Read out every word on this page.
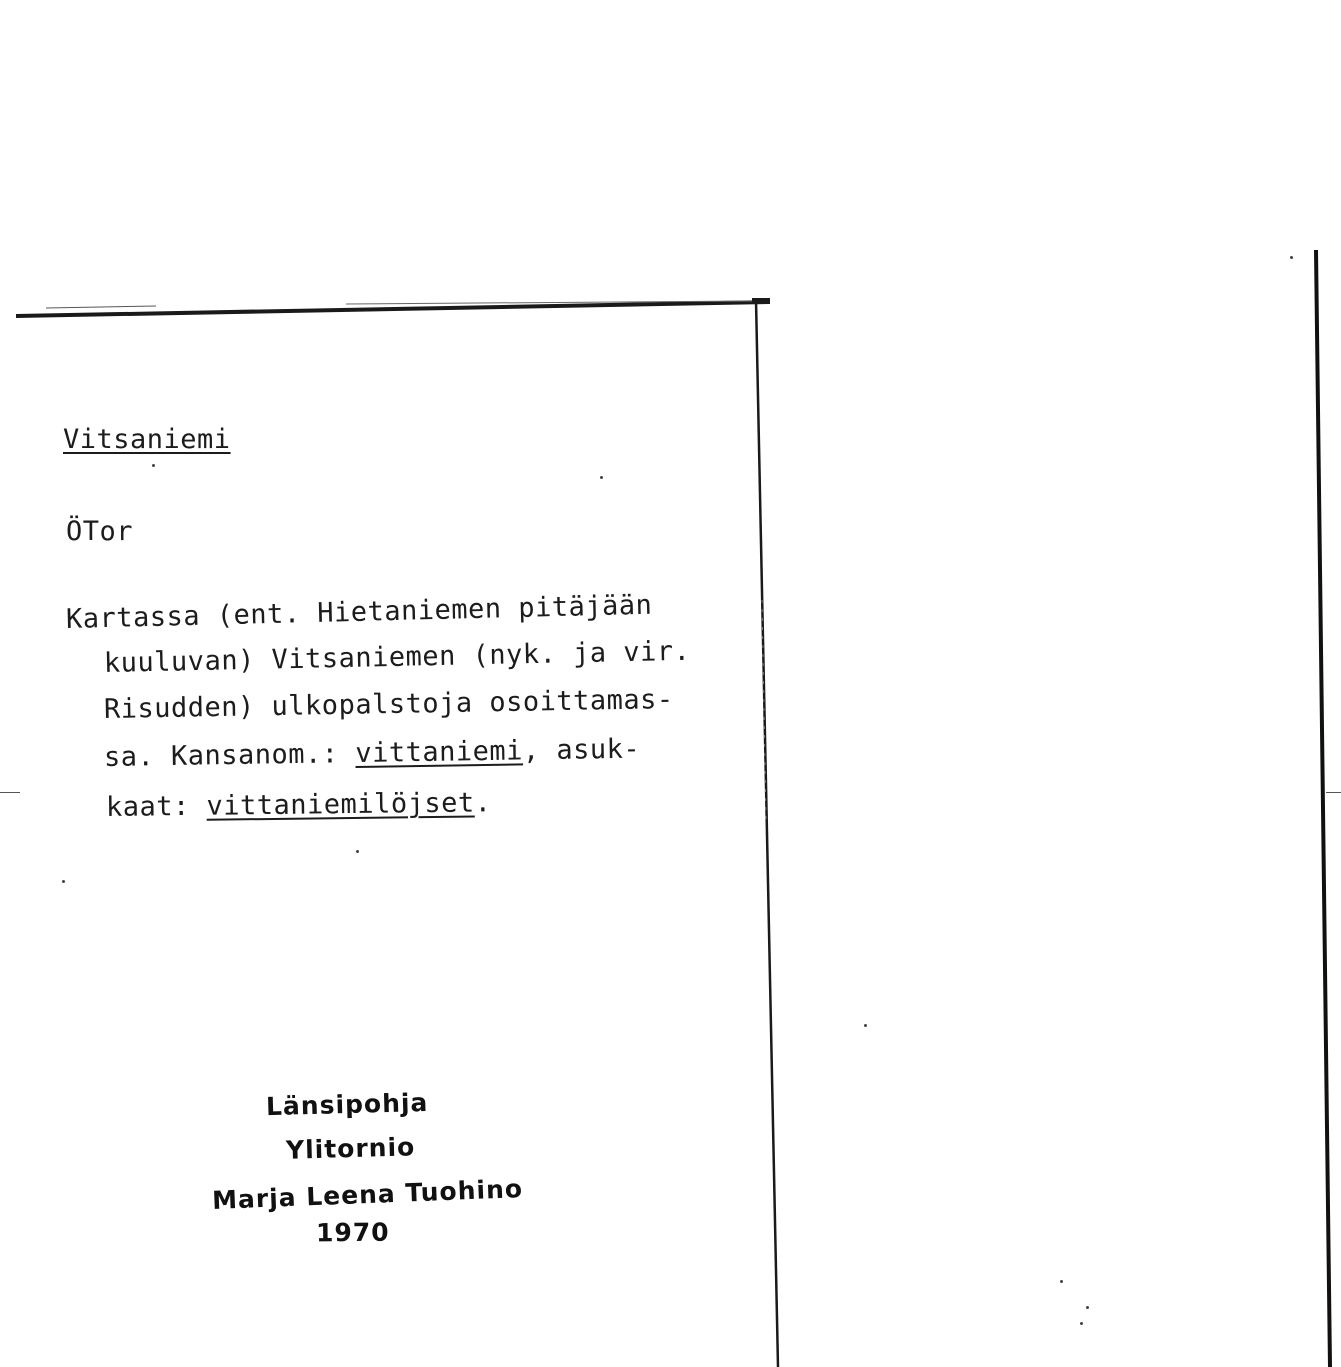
Vitsaniemi
ÖTor
Kartassa (ent. Hietaniemen pitäjään
kuuluvan) Vitsaniemen (nyk. ja vir.
Risudden) ulkopalstoja osoittamas-
sa. Kansanom.: vittaniemi, asuk-
kaat: vittaniemilöjset.
Länsipohja
Ylitornio
Marja Leena Tuohino
1970
